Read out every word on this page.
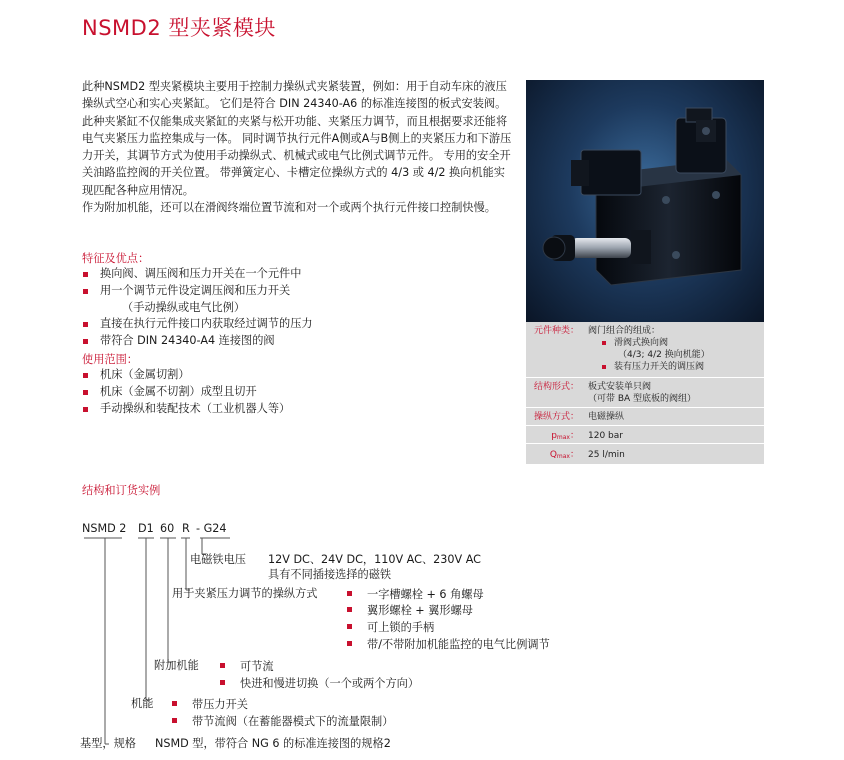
NSMD2 型夹紧模块

此种NSMD2 型夹紧模块主要用于控制力操纵式夹紧装置，例如：用于自动车床的液压操纵式空心和实心夹紧缸。 它们是符合 DIN 24340-A6 的标准连接图的板式安装阀。 此种夹紧缸不仅能集成夹紧缸的夹紧与松开功能、夹紧压力调节，而且根据要求还能将电气夹紧压力监控集成与一体。 同时调节执行元件A侧或A与B侧上的夹紧压力和下游压力开关，其调节方式为使用手动操纵式、机械式或电气比例式调节元件。 专用的安全开关油路监控阀的开关位置。 带弹簧定心、卡槽定位操纵方式的 4/3 或 4/2 换向机能实现匹配各种应用情况。

作为附加机能，还可以在滑阀终端位置节流和对一个或两个执行元件接口控制快慢。

特征及优点：
换向阀、调压阀和压力开关在一个元件中
用一个调节元件设定调压阀和压力开关
（手动操纵或电气比例）
直接在执行元件接口内获取经过调节的压力
带符合 DIN 24340-A4 连接图的阀
使用范围：
机床（金属切割）
机床（金属不切割）成型且切开
手动操纵和装配技术（工业机器人等）
元件种类： 阀门组合的组成：
滑阀式换向阀
（4/3; 4/2 换向机能）
装有压力开关的调压阀
结构形式： 板式安装单只阀
（可带 BA 型底板的阀组）
操纵方式： 电磁操纵
pmax： 120 bar
Qmax： 25 l/min
结构和订货实例
NSMD 2 D1 60 R - G24
电磁铁电压 12V DC、24V DC，110V AC、230V AC
具有不同插接选择的磁铁
用于夹紧压力调节的操纵方式	一字槽螺栓 + 6 角螺母
翼形螺栓 + 翼形螺母
可上锁的手柄
带/不带附加机能监控的电气比例调节
附加机能	可节流
快进和慢进切换（一个或两个方向）
机能	带压力开关
带节流阀（在蓄能器模式下的流量限制）
基型，规格 NSMD 型，带符合 NG 6 的标准连接图的规格2
